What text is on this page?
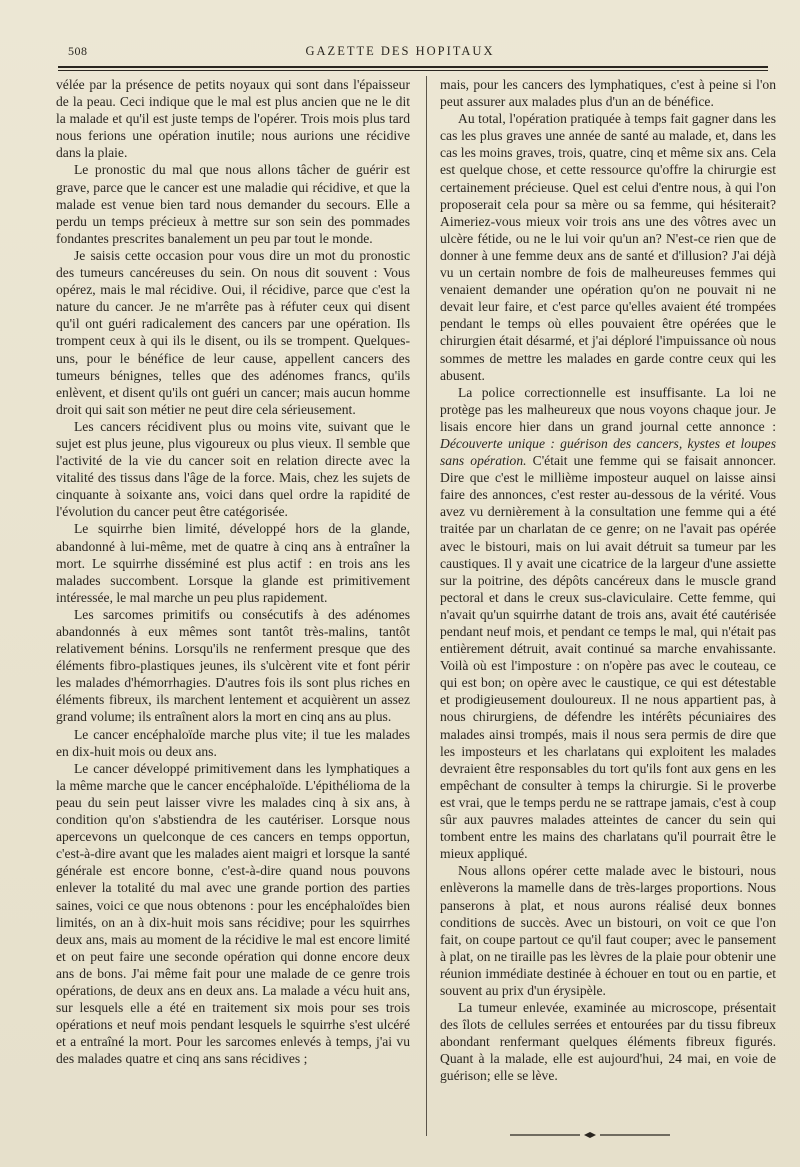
508	GAZETTE DES HOPITAUX

vélée par la présence de petits noyaux qui sont dans l'épaisseur de la peau. Ceci indique que le mal est plus ancien que ne le dit la malade et qu'il est juste temps de l'opérer. Trois mois plus tard nous ferions une opération inutile; nous aurions une récidive dans la plaie.

Le pronostic du mal que nous allons tâcher de guérir est grave, parce que le cancer est une maladie qui récidive, et que la malade est venue bien tard nous demander du secours. Elle a perdu un temps précieux à mettre sur son sein des pommades fondantes prescrites banalement un peu par tout le monde.

Je saisis cette occasion pour vous dire un mot du pronostic des tumeurs cancéreuses du sein. On nous dit souvent : Vous opérez, mais le mal récidive. Oui, il récidive, parce que c'est la nature du cancer. Je ne m'arrête pas à réfuter ceux qui disent qu'il ont guéri radicalement des cancers par une opération. Ils trompent ceux à qui ils le disent, ou ils se trompent. Quelques-uns, pour le bénéfice de leur cause, appellent cancers des tumeurs bénignes, telles que des adénomes francs, qu'ils enlèvent, et disent qu'ils ont guéri un cancer; mais aucun homme droit qui sait son métier ne peut dire cela sérieusement.

Les cancers récidivent plus ou moins vite, suivant que le sujet est plus jeune, plus vigoureux ou plus vieux. Il semble que l'activité de la vie du cancer soit en relation directe avec la vitalité des tissus dans l'âge de la force. Mais, chez les sujets de cinquante à soixante ans, voici dans quel ordre la rapidité de l'évolution du cancer peut être catégorisée.

Le squirrhe bien limité, développé hors de la glande, abandonné à lui-même, met de quatre à cinq ans à entraîner la mort. Le squirrhe disséminé est plus actif : en trois ans les malades succombent. Lorsque la glande est primitivement intéressée, le mal marche un peu plus rapidement.

Les sarcomes primitifs ou consécutifs à des adénomes abandonnés à eux mêmes sont tantôt très-malins, tantôt relativement bénins. Lorsqu'ils ne renferment presque que des éléments fibro-plastiques jeunes, ils s'ulcèrent vite et font périr les malades d'hémorrhagies. D'autres fois ils sont plus riches en éléments fibreux, ils marchent lentement et acquièrent un assez grand volume; ils entraînent alors la mort en cinq ans au plus.

Le cancer encéphaloïde marche plus vite; il tue les malades en dix-huit mois ou deux ans.

Le cancer développé primitivement dans les lymphatiques a la même marche que le cancer encéphaloïde. L'épithélioma de la peau du sein peut laisser vivre les malades cinq à six ans, à condition qu'on s'abstiendra de les cautériser. Lorsque nous apercevons un quelconque de ces cancers en temps opportun, c'est-à-dire avant que les malades aient maigri et lorsque la santé générale est encore bonne, c'est-à-dire quand nous pouvons enlever la totalité du mal avec une grande portion des parties saines, voici ce que nous obtenons : pour les encéphaloïdes bien limités, on an à dix-huit mois sans récidive; pour les squirrhes deux ans, mais au moment de la récidive le mal est encore limité et on peut faire une seconde opération qui donne encore deux ans de bons. J'ai même fait pour une malade de ce genre trois opérations, de deux ans en deux ans. La malade a vécu huit ans, sur lesquels elle a été en traitement six mois pour ses trois opérations et neuf mois pendant lesquels le squirrhe s'est ulcéré et a entraîné la mort. Pour les sarcomes enlevés à temps, j'ai vu des malades quatre et cinq ans sans récidives ;

mais, pour les cancers des lymphatiques, c'est à peine si l'on peut assurer aux malades plus d'un an de bénéfice.

Au total, l'opération pratiquée à temps fait gagner dans les cas les plus graves une année de santé au malade, et, dans les cas les moins graves, trois, quatre, cinq et même six ans. Cela est quelque chose, et cette ressource qu'offre la chirurgie est certainement précieuse. Quel est celui d'entre nous, à qui l'on proposerait cela pour sa mère ou sa femme, qui hésiterait? Aimeriez-vous mieux voir trois ans une des vôtres avec un ulcère fétide, ou ne le lui voir qu'un an? N'est-ce rien que de donner à une femme deux ans de santé et d'illusion? J'ai déjà vu un certain nombre de fois de malheureuses femmes qui venaient demander une opération qu'on ne pouvait ni ne devait leur faire, et c'est parce qu'elles avaient été trompées pendant le temps où elles pouvaient être opérées que le chirurgien était désarmé, et j'ai déploré l'impuissance où nous sommes de mettre les malades en garde contre ceux qui les abusent.

La police correctionnelle est insuffisante. La loi ne protège pas les malheureux que nous voyons chaque jour. Je lisais encore hier dans un grand journal cette annonce : Découverte unique : guérison des cancers, kystes et loupes sans opération. C'était une femme qui se faisait annoncer. Dire que c'est le millième imposteur auquel on laisse ainsi faire des annonces, c'est rester au-dessous de la vérité. Vous avez vu dernièrement à la consultation une femme qui a été traitée par un charlatan de ce genre; on ne l'avait pas opérée avec le bistouri, mais on lui avait détruit sa tumeur par les caustiques. Il y avait une cicatrice de la largeur d'une assiette sur la poitrine, des dépôts cancéreux dans le muscle grand pectoral et dans le creux sus-claviculaire. Cette femme, qui n'avait qu'un squirrhe datant de trois ans, avait été cautérisée pendant neuf mois, et pendant ce temps le mal, qui n'était pas entièrement détruit, avait continué sa marche envahissante. Voilà où est l'imposture : on n'opère pas avec le couteau, ce qui est bon; on opère avec le caustique, ce qui est détestable et prodigieusement douloureux. Il ne nous appartient pas, à nous chirurgiens, de défendre les intérêts pécuniaires des malades ainsi trompés, mais il nous sera permis de dire que les imposteurs et les charlatans qui exploitent les malades devraient être responsables du tort qu'ils font aux gens en les empêchant de consulter à temps la chirurgie. Si le proverbe est vrai, que le temps perdu ne se rattrape jamais, c'est à coup sûr aux pauvres malades atteintes de cancer du sein qui tombent entre les mains des charlatans qu'il pourrait être le mieux appliqué.

Nous allons opérer cette malade avec le bistouri, nous enlèverons la mamelle dans de très-larges proportions. Nous panserons à plat, et nous aurons réalisé deux bonnes conditions de succès. Avec un bistouri, on voit ce que l'on fait, on coupe partout ce qu'il faut couper; avec le pansement à plat, on ne tiraille pas les lèvres de la plaie pour obtenir une réunion immédiate destinée à échouer en tout ou en partie, et souvent au prix d'un érysipèle.

La tumeur enlevée, examinée au microscope, présentait des îlots de cellules serrées et entourées par du tissu fibreux abondant renfermant quelques éléments fibreux figurés. Quant à la malade, elle est aujourd'hui, 24 mai, en voie de guérison; elle se lève.
